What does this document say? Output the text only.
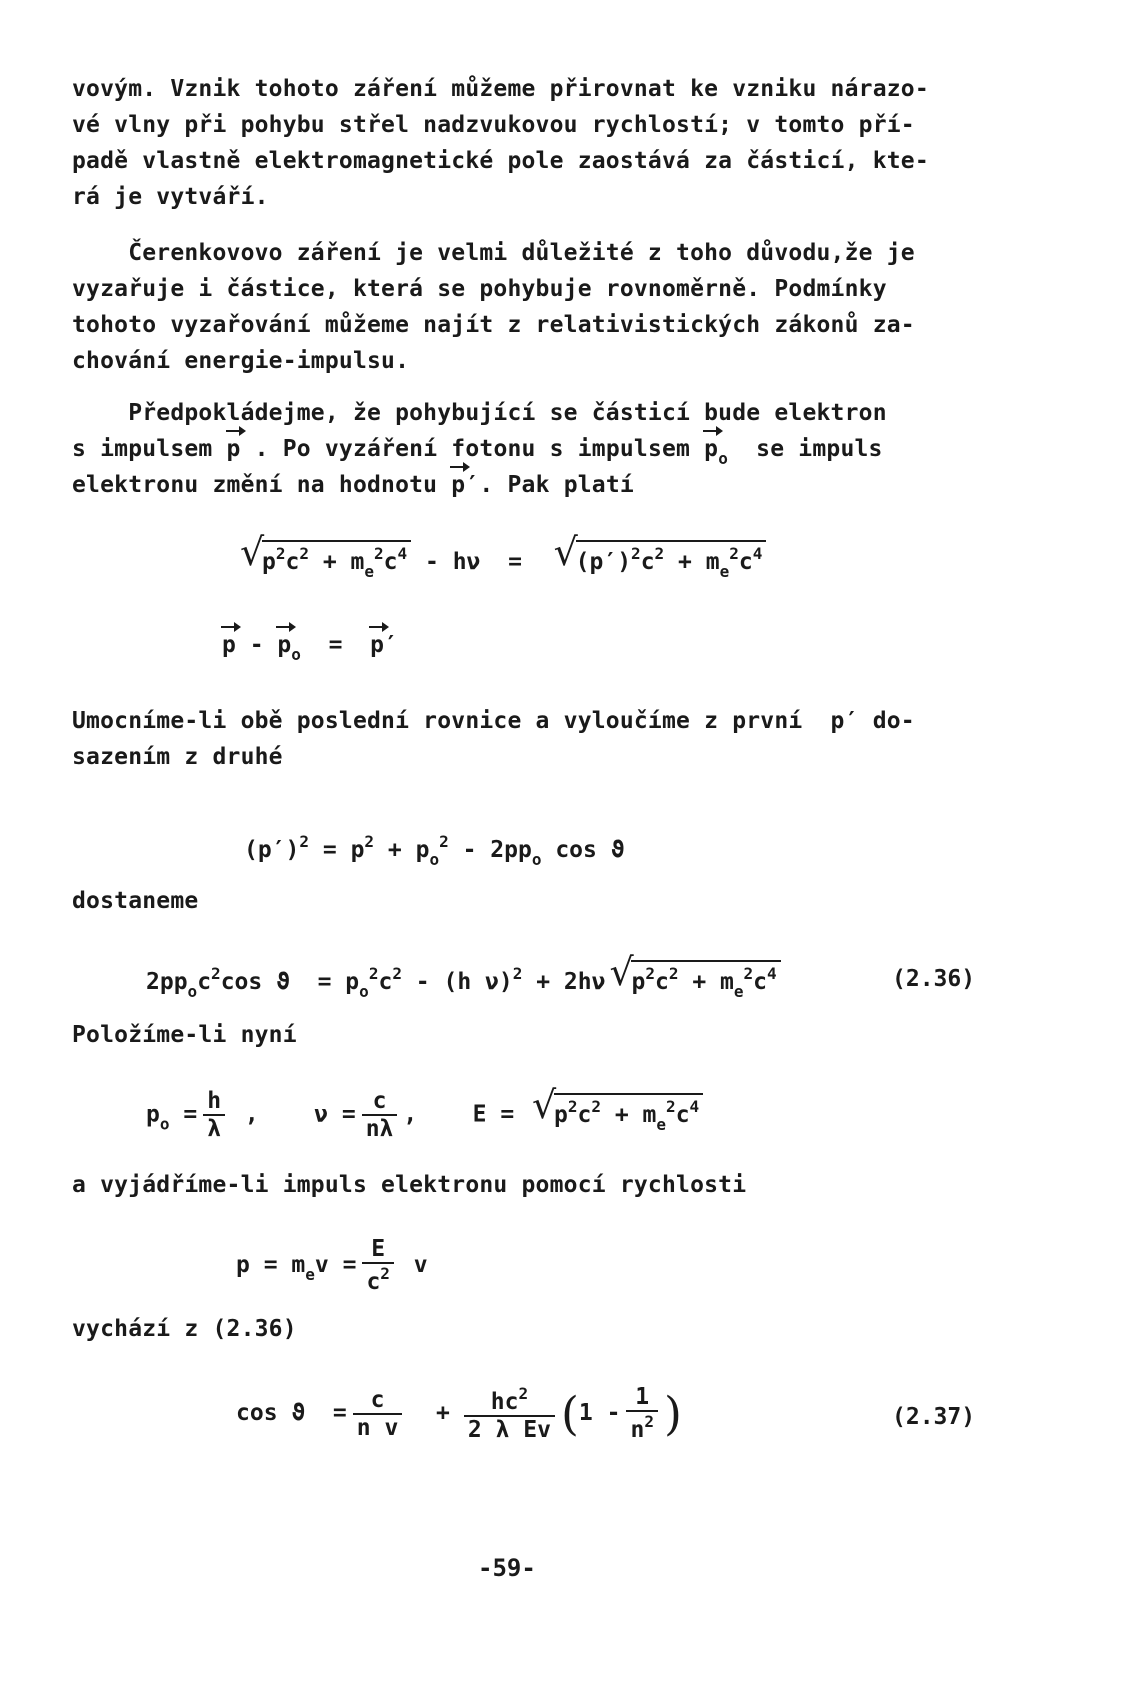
vovým. Vznik tohoto záření můžeme přirovnat ke vzniku nárazo-
vé vlny při pohybu střel nadzvukovou rychlostí; v tomto pří-
padě vlastně elektromagnetické pole zaostává za částicí, kte-
rá je vytváří.
Čerenkovovo záření je velmi důležité z toho důvodu,že je
vyzařuje i částice, která se pohybuje rovnoměrně. Podmínky
tohoto vyzařování můžeme najít z relativistických zákonů za-
chování energie-impulsu.
Předpokládejme, že pohybující se částicí bude elektron
s impulsem p . Po vyzáření fotonu s impulsem $p_o$  se impuls
elektronu změní na hodnotu p′. Pak platí
√
$p^2c^2 + m_e^2c^4 - h\nu$  = √
$(p')^2c^2 + m_e^2c^4$
$p - p_o = p'$
Umocníme-li obě poslední rovnice a vyloučíme z první  p′ do-
sazením z druhé
$(p')^2 = p^2 + p_o^2 - 2pp_o$ cos ϑ
dostaneme
$2pp_oc^2\cos$ $ϑ = p_o^2c^2 - (h$ ν)$^2$ + 2hν √
$p^2c^2 + m_e^2c^4$	(2.36)
Položíme-li nyní
$p_o = \frac{h}{\lambda}$ ,    $\nu = \frac{c}{n\lambda}$ ,    E = √
$p^2c^2 + m_e^2c^4$
a vyjádříme-li impuls elektronu pomocí rychlosti
$p = m_ev = \frac{E}{c^2}$ v
vychází z (2.36)
$\cos ϑ = \frac{c}{\text{n v}} + \frac{hc^2}{\text{2 λ Ev}} (1 - \frac{1}{n^2}$ )	(2.37)
-59-
